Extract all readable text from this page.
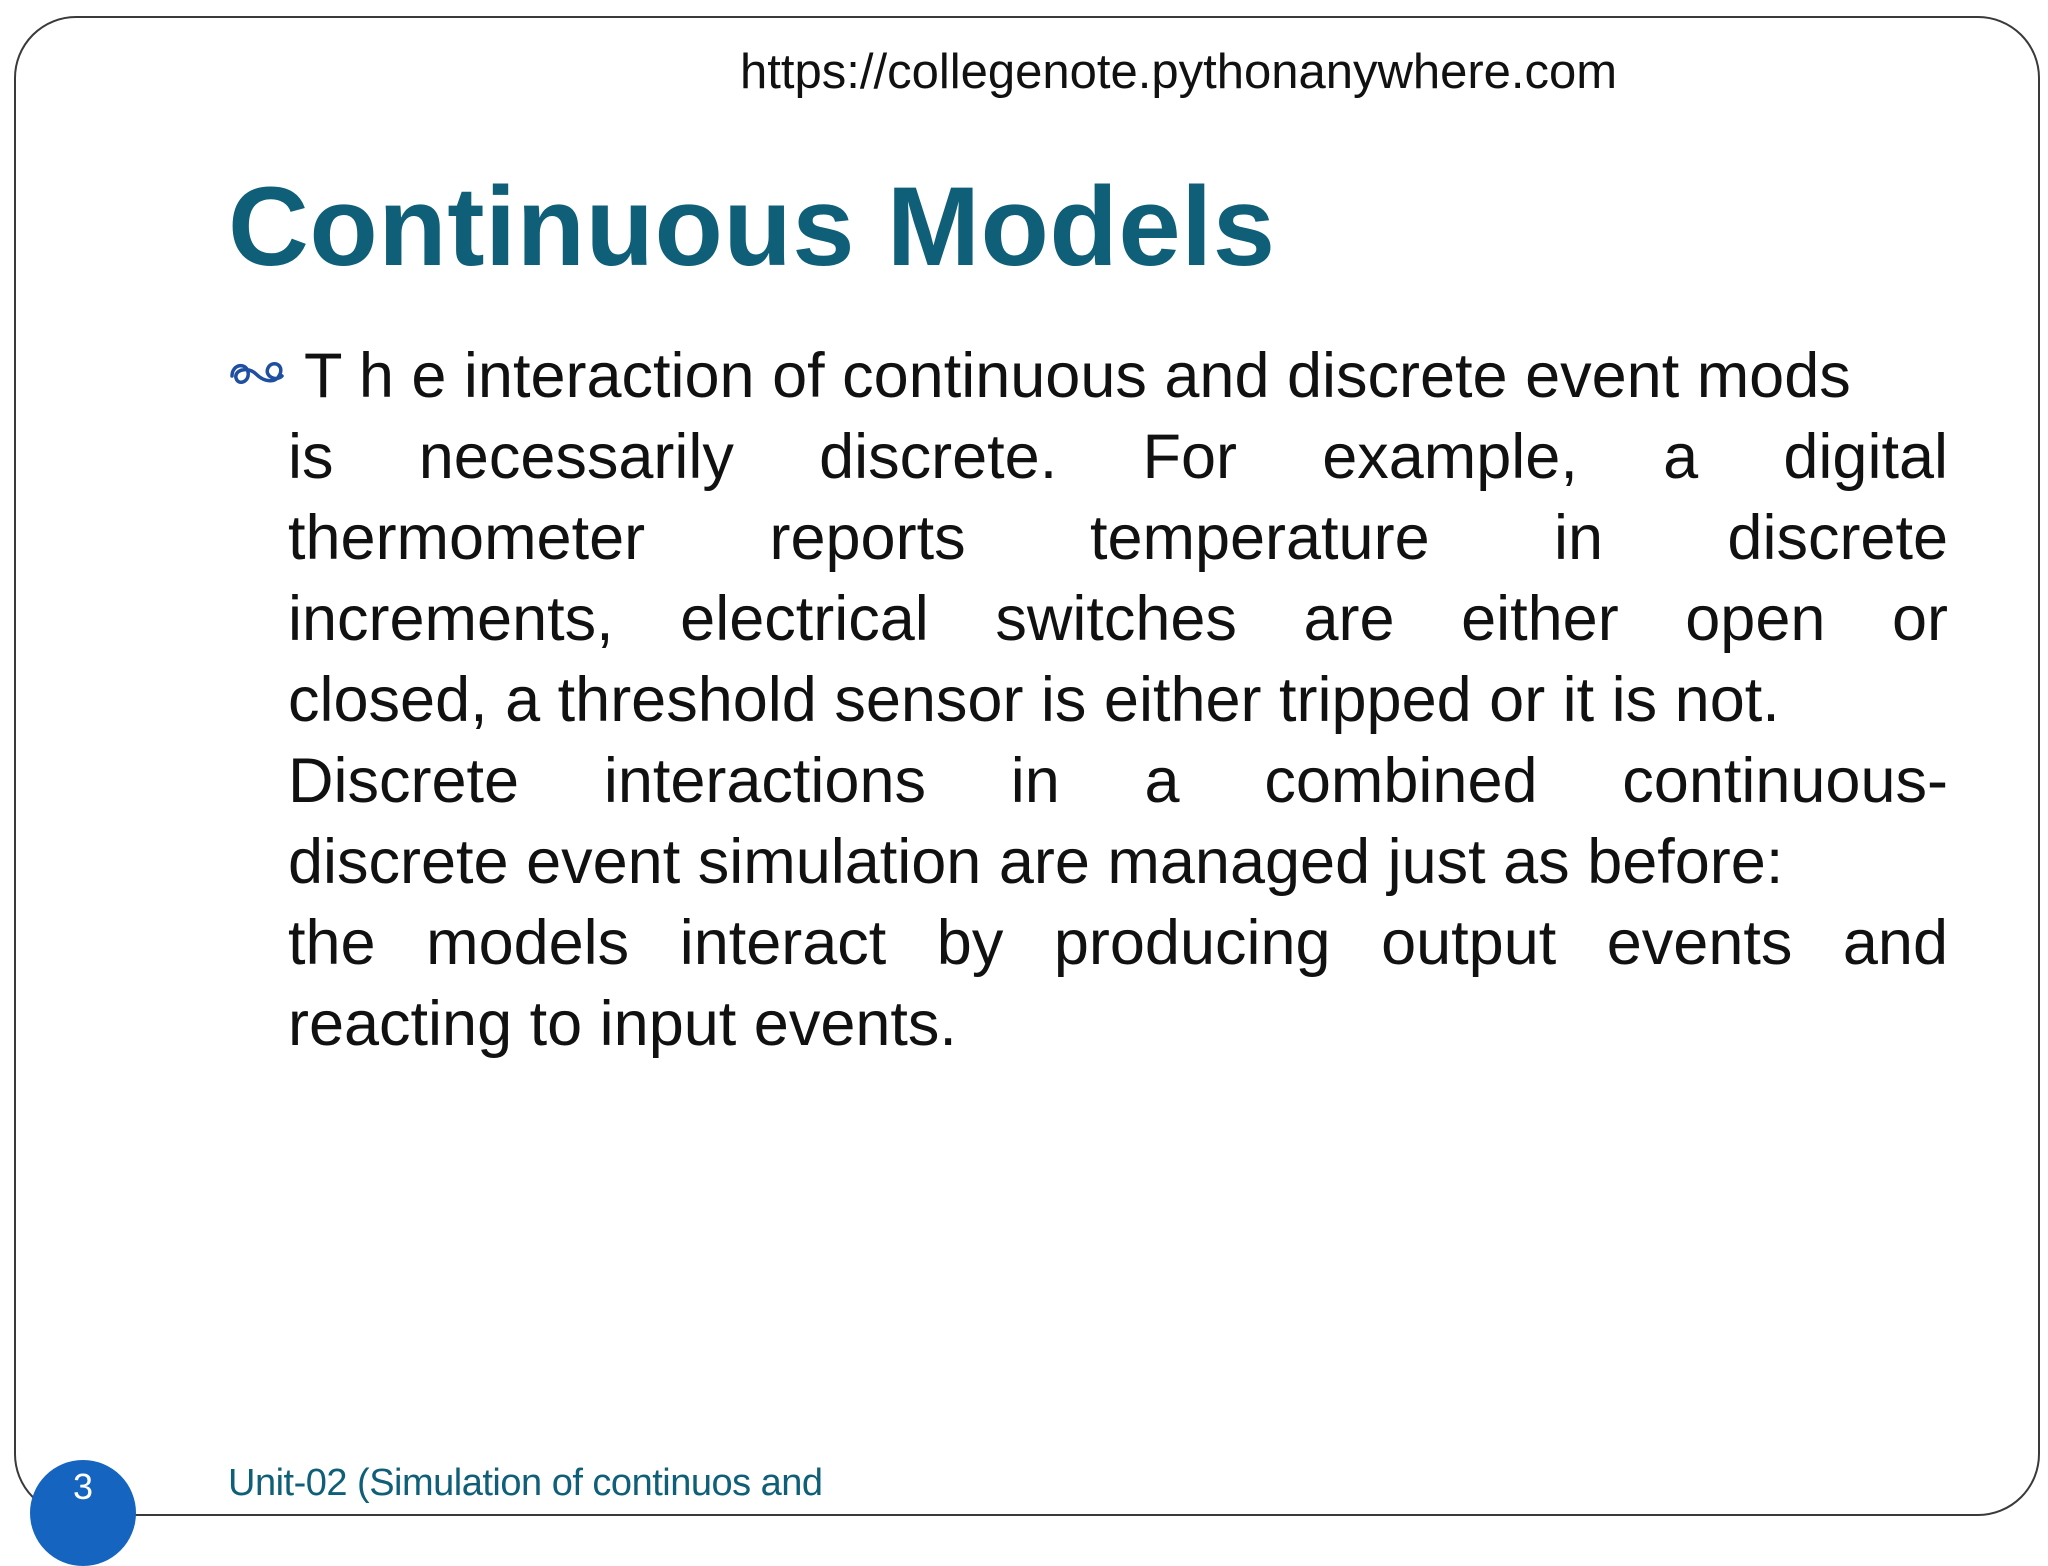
https://collegenote.pythonanywhere.com
Continuous Models
T h e interaction of continuous and discrete event mods
is necessarily discrete. For example, a digital
thermometer reports temperature in discrete
increments, electrical switches are either open or
closed, a threshold sensor is either tripped or it is not.
Discrete interactions in a combined continuous-
discrete event simulation are managed just as before:
the models interact by producing output events and
reacting to input events.
Unit-02 (Simulation of continuos and
3
